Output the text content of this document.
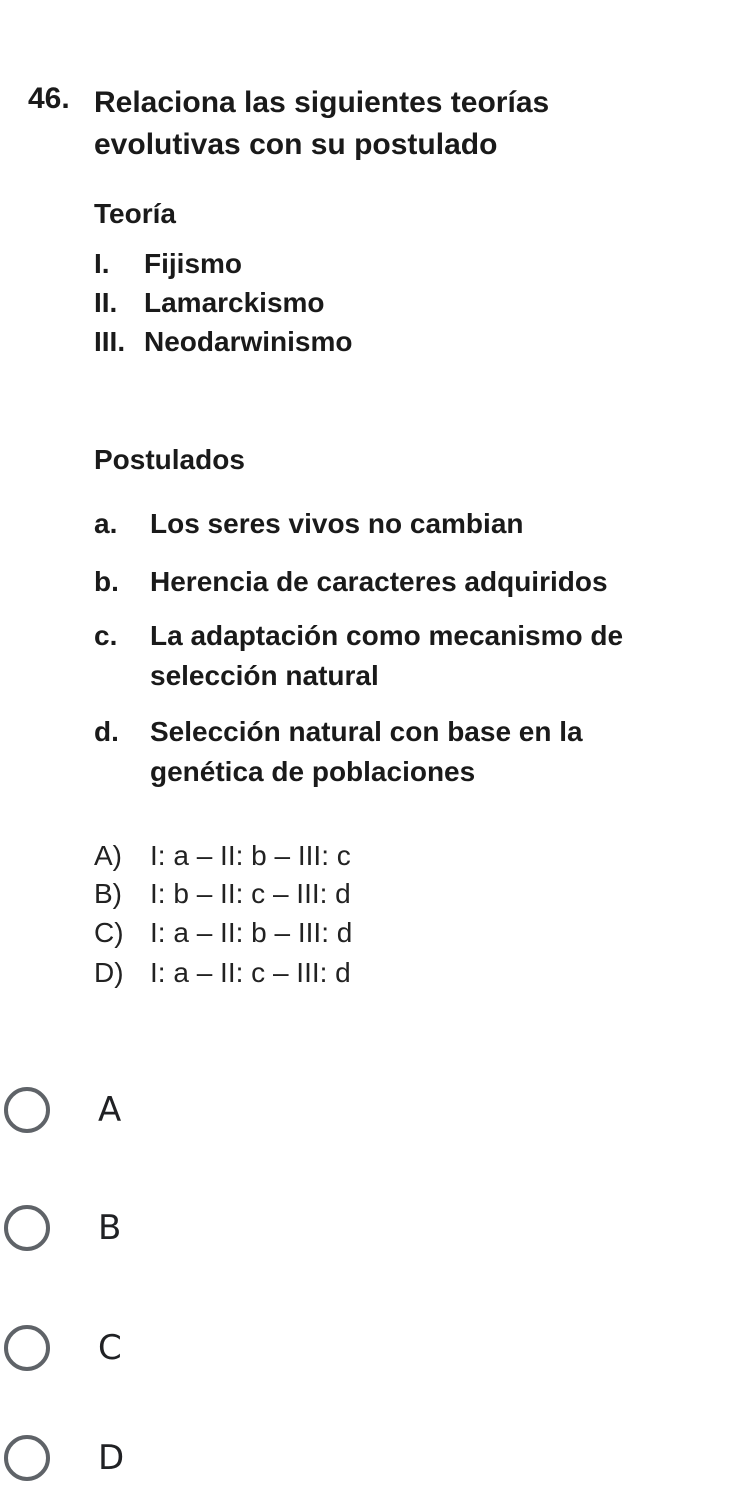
46. Relaciona las siguientes teorías evolutivas con su postulado
Teoría
I. Fijismo
II. Lamarckismo
III. Neodarwinismo
Postulados
a.	Los seres vivos no cambian
b.	Herencia de caracteres adquiridos
c.	La adaptación como mecanismo de selección natural
d.	Selección natural con base en la genética de poblaciones
A) I: a – II: b – III: c
B) I: b – II: c – III: d
C) I: a – II: b – III: d
D) I: a – II: c – III: d
A
B
C
D
